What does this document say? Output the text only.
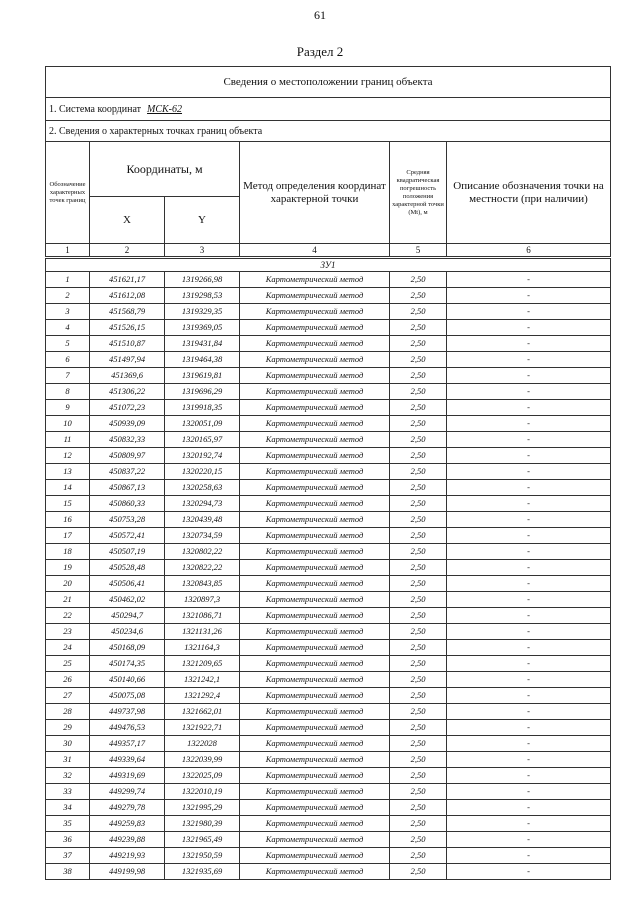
61
Раздел 2
Сведения о местоположении границ объекта					
1. Система координат МСК-62					
2. Сведения о характерных точках границ объекта					
Обозначение характерных точек границ	Координаты, м		Метод определения координат характерной точки	Средняя квадратическая погрешность положения характерной точки (Mt), м	Описание обозначения точки на местности (при наличии)
	X	Y			
1	2	3	4	5	6
ЗУ1					
1	451621,17	1319266,98	Картометрический метод	2,50	-
2	451612,08	1319298,53	Картометрический метод	2,50	-
3	451568,79	1319329,35	Картометрический метод	2,50	-
4	451526,15	1319369,05	Картометрический метод	2,50	-
5	451510,87	1319431,84	Картометрический метод	2,50	-
6	451497,94	1319464,38	Картометрический метод	2,50	-
7	451369,6	1319619,81	Картометрический метод	2,50	-
8	451306,22	1319696,29	Картометрический метод	2,50	-
9	451072,23	1319918,35	Картометрический метод	2,50	-
10	450939,09	1320051,09	Картометрический метод	2,50	-
11	450832,33	1320165,97	Картометрический метод	2,50	-
12	450809,97	1320192,74	Картометрический метод	2,50	-
13	450837,22	1320220,15	Картометрический метод	2,50	-
14	450867,13	1320258,63	Картометрический метод	2,50	-
15	450860,33	1320294,73	Картометрический метод	2,50	-
16	450753,28	1320439,48	Картометрический метод	2,50	-
17	450572,41	1320734,59	Картометрический метод	2,50	-
18	450507,19	1320802,22	Картометрический метод	2,50	-
19	450528,48	1320822,22	Картометрический метод	2,50	-
20	450506,41	1320843,85	Картометрический метод	2,50	-
21	450462,02	1320897,3	Картометрический метод	2,50	-
22	450294,7	1321086,71	Картометрический метод	2,50	-
23	450234,6	1321131,26	Картометрический метод	2,50	-
24	450168,09	1321164,3	Картометрический метод	2,50	-
25	450174,35	1321209,65	Картометрический метод	2,50	-
26	450140,66	1321242,1	Картометрический метод	2,50	-
27	450075,08	1321292,4	Картометрический метод	2,50	-
28	449737,98	1321662,01	Картометрический метод	2,50	-
29	449476,53	1321922,71	Картометрический метод	2,50	-
30	449357,17	1322028	Картометрический метод	2,50	-
31	449339,64	1322039,99	Картометрический метод	2,50	-
32	449319,69	1322025,09	Картометрический метод	2,50	-
33	449299,74	1322010,19	Картометрический метод	2,50	-
34	449279,78	1321995,29	Картометрический метод	2,50	-
35	449259,83	1321980,39	Картометрический метод	2,50	-
36	449239,88	1321965,49	Картометрический метод	2,50	-
37	449219,93	1321950,59	Картометрический метод	2,50	-
38	449199,98	1321935,69	Картометрический метод	2,50	-
